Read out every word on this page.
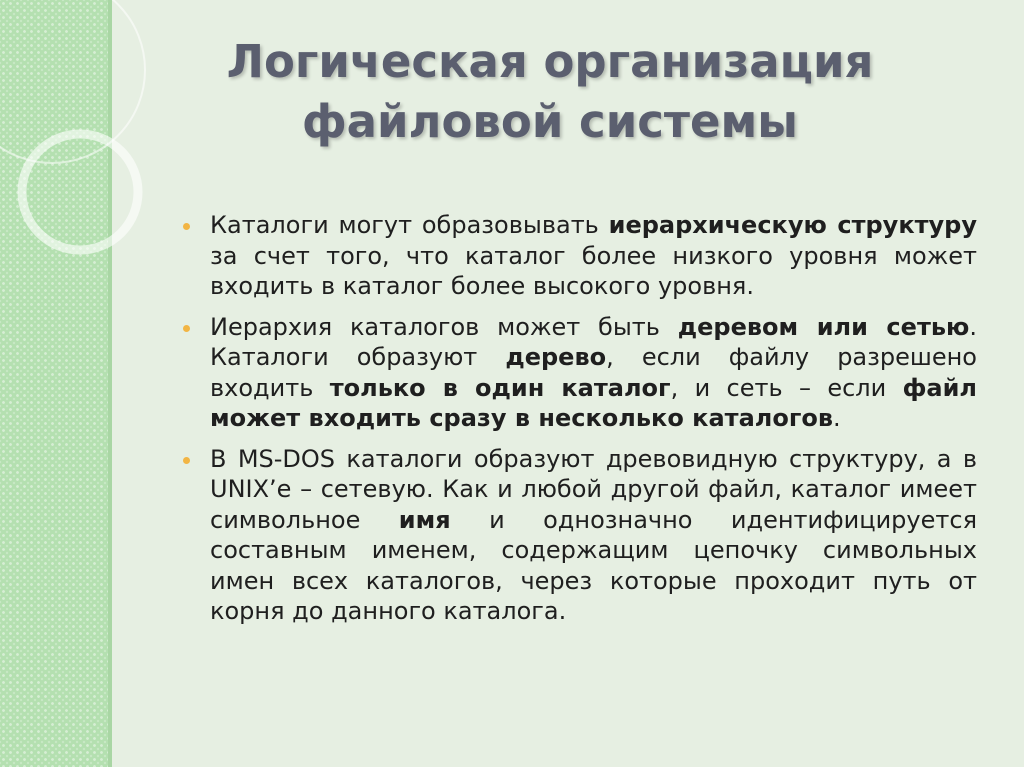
Логическая организация
файловой системы
Каталоги могут образовывать иерархическую структуру за счет того, что каталог более низкого уровня может входить в каталог более высокого уровня.
Иерархия каталогов может быть деревом или сетью. Каталоги образуют дерево, если файлу разрешено входить только в один каталог, и сеть – если файл может входить сразу в несколько каталогов.
В MS-DOS каталоги образуют древовидную структуру, а в UNIX’е – сетевую. Как и любой другой файл, каталог имеет символьное имя и однозначно идентифицируется составным именем, содержащим цепочку символьных имен всех каталогов, через которые проходит путь от корня до данного каталога.
